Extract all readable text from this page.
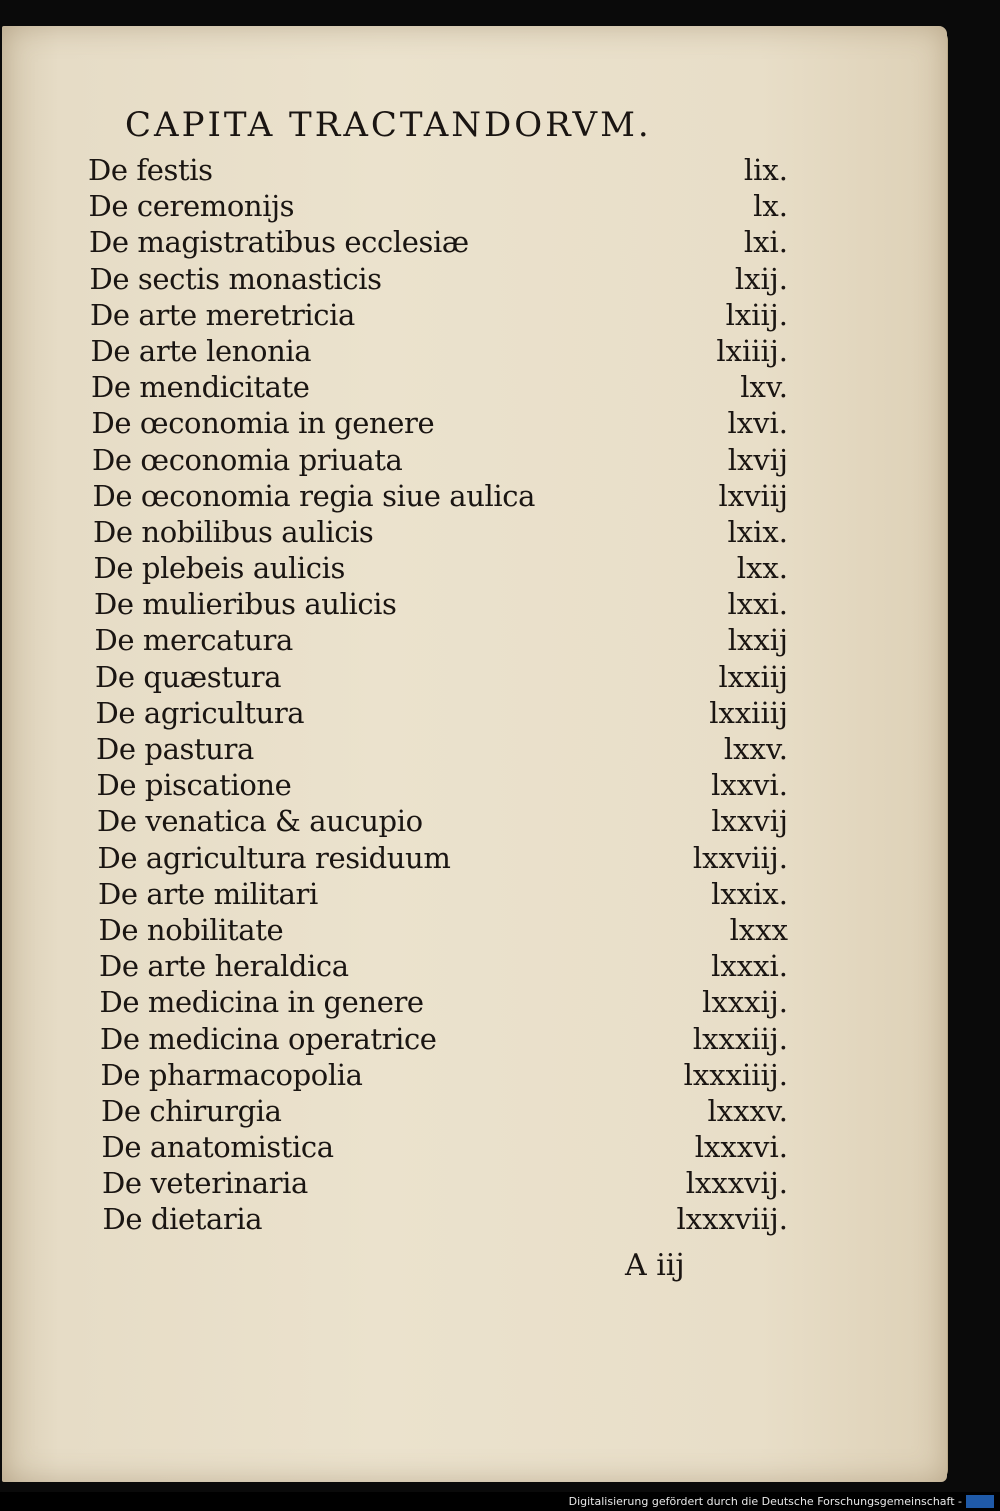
CAPITA TRACTANDORVM.
De festis	lix.
De ceremonijs	lx.
De magistratibus ecclesiæ	lxi.
De sectis monasticis	lxij.
De arte meretricia	lxiij.
De arte lenonia	lxiiij.
De mendicitate	lxv.
De œconomia in genere	lxvi.
De œconomia priuata	lxvij
De œconomia regia siue aulica	lxviij
De nobilibus aulicis	lxix.
De plebeis aulicis	lxx.
De mulieribus aulicis	lxxi.
De mercatura	lxxij
De quæstura	lxxiij
De agricultura	lxxiiij
De pastura	lxxv.
De piscatione	lxxvi.
De venatica & aucupio	lxxvij
De agricultura residuum	lxxviij.
De arte militari	lxxix.
De nobilitate	lxxx
De arte heraldica	lxxxi.
De medicina in genere	lxxxij.
De medicina operatrice	lxxxiij.
De pharmacopolia	lxxxiiij.
De chirurgia	lxxxv.
De anatomistica	lxxxvi.
De veterinaria	lxxxvij.
De dietaria	lxxxviij.
A iij
Digitalisierung gefördert durch die Deutsche Forschungsgemeinschaft -
